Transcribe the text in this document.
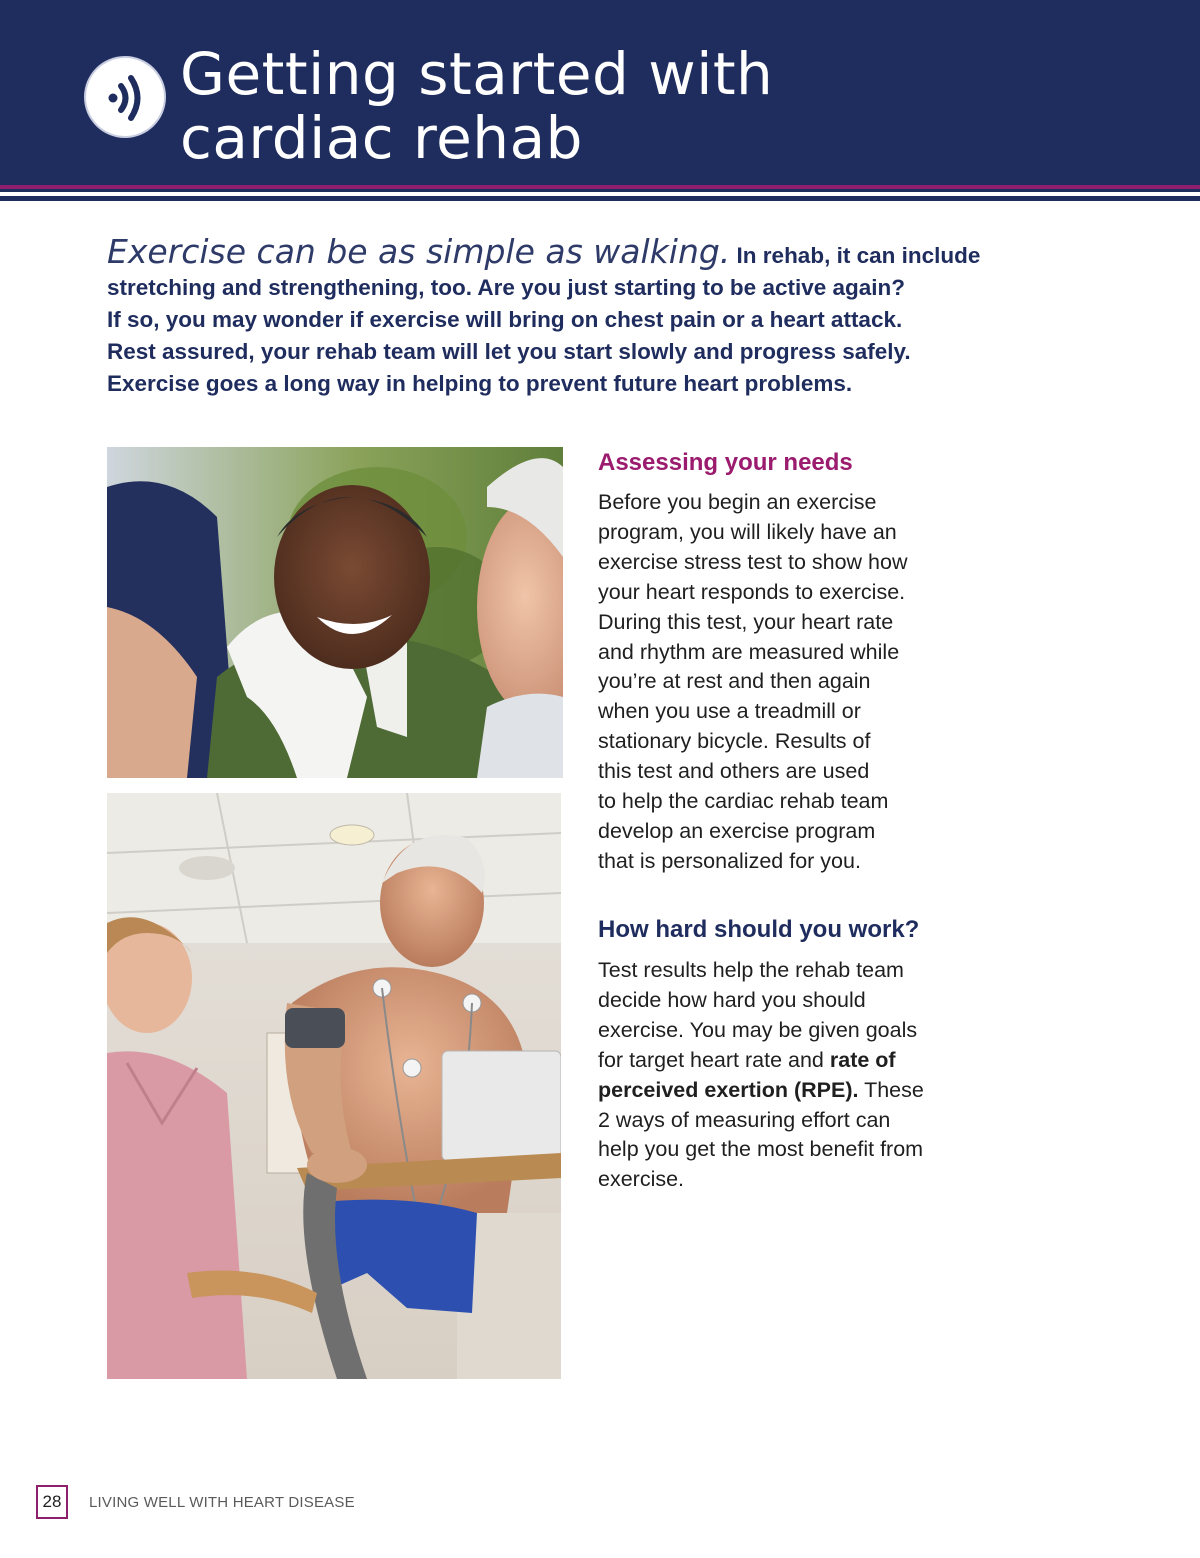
Getting started with
cardiac rehab

Exercise can be as simple as walking. In rehab, it can include
stretching and strengthening, too. Are you just starting to be active again?
If so, you may wonder if exercise will bring on chest pain or a heart attack.
Rest assured, your rehab team will let you start slowly and progress safely.
Exercise goes a long way in helping to prevent future heart problems.

Assessing your needs

Before you begin an exercise
program, you will likely have an
exercise stress test to show how
your heart responds to exercise.
During this test, your heart rate
and rhythm are measured while
you’re at rest and then again
when you use a treadmill or
stationary bicycle. Results of
this test and others are used
to help the cardiac rehab team
develop an exercise program
that is personalized for you.

How hard should you work?

Test results help the rehab team
decide how hard you should
exercise. You may be given goals
for target heart rate and rate of
perceived exertion (RPE). These
2 ways of measuring effort can
help you get the most benefit from
exercise.

28	LIVING WELL WITH HEART DISEASE
